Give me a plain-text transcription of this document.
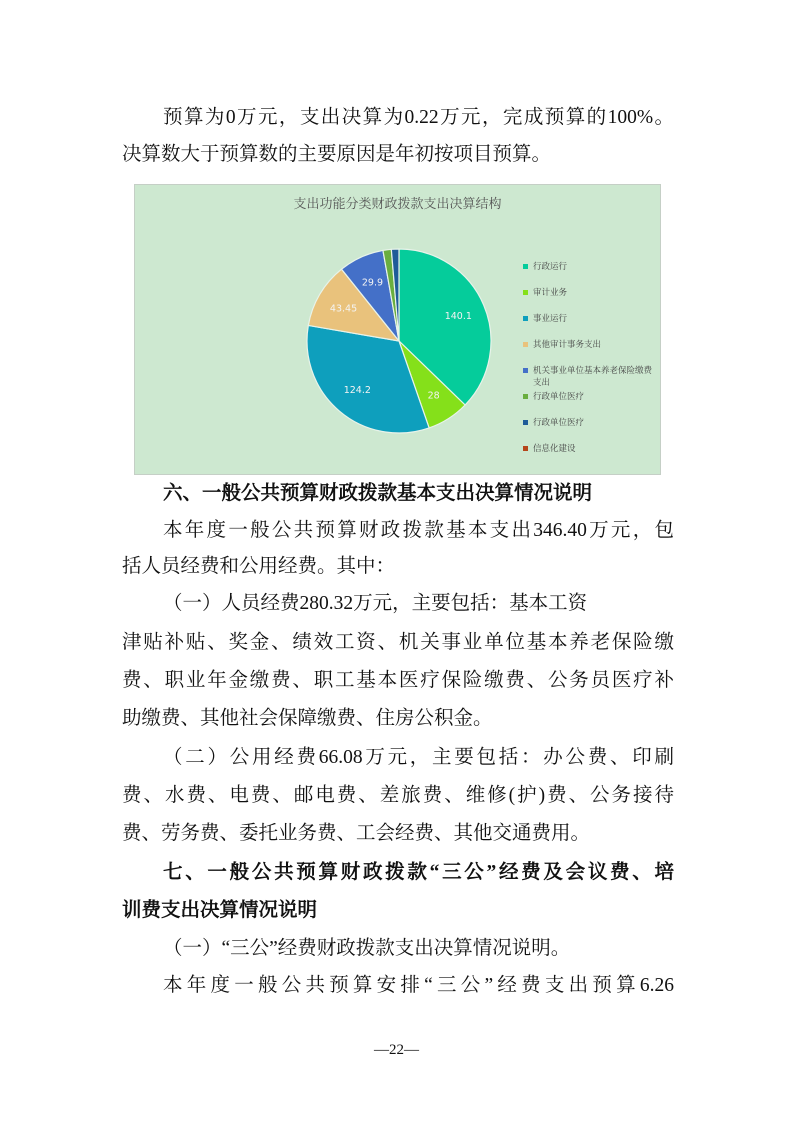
预算为0万元，支出决算为0.22万元，完成预算的100%。
决算数大于预算数的主要原因是年初按项目预算。
支出功能分类财政拨款支出决算结构
140.1
28
124.2
43.45
29.9
行政运行
审计业务
事业运行
其他审计事务支出
机关事业单位基本养老保险缴费支出
行政单位医疗
行政单位医疗
信息化建设
六、一般公共预算财政拨款基本支出决算情况说明
本年度一般公共预算财政拨款基本支出346.40万元，包
括人员经费和公用经费。其中：
（一）人员经费280.32万元，主要包括：基本工资
津贴补贴、奖金、绩效工资、机关事业单位基本养老保险缴
费、职业年金缴费、职工基本医疗保险缴费、公务员医疗补
助缴费、其他社会保障缴费、住房公积金。
（二）公用经费66.08万元，主要包括：办公费、印刷
费、水费、电费、邮电费、差旅费、维修(护)费、公务接待
费、劳务费、委托业务费、工会经费、其他交通费用。
七、一般公共预算财政拨款“三公”经费及会议费、培
训费支出决算情况说明
（一）“三公”经费财政拨款支出决算情况说明。
本年度一般公共预算安排“三公”经费支出预算6.26
—22—
